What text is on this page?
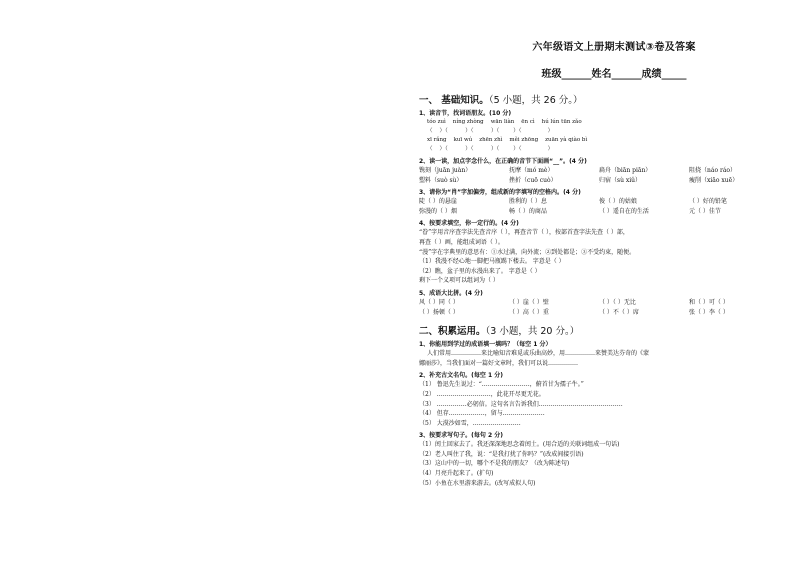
六年级语文上册期末测试③卷及答案
班级______姓名______成绩_____
一、 基础知识。（5 小题，共 26 分。）
1、读音节，找词语朋友。(10 分)
tóo zuì    níng zhòng    wān liàn    ēn cì    hú lún tūn zǎo
（    ）（          ）（          ）（        ）（               ）
xī rǎng    kuī wú    zhēn zhì    měi zhōng    zuān yà qiào bì
（    ）（          ）（          ）（        ）（               ）
2、读一读，加点字念什么，在正确的音节下面画“__”。(4 分)
镌刻（juān juàn）	抚摩（mó mè）	扁舟（biān piān）	阻挠（náo ráo）
塑料（suò sù）	挫折（cuō cuò）	归宿（sù xiǔ）	瘦削（xiāo xuē）
3、请你为“肖”字加偏旁，组成新的字填写的空格内。(4 分)
陡（ ）的悬崖	胜利的（ ）息	俊（ ）的姑娘	（ ）好的铅笔
弥漫的（ ）烟	畅（ ）的商品	（ ）遥自在的生活	元（ ）佳节
4、按要求填空，你一定行的。(4 分)
“眷”字用音序查字法先查音序（ ），再查音节（ ），按部首查字法先查（ ）部，
再查（ ）画，能组成词语（ ）。
“漫”字在字典里的意思有：①水过满，向外流；②到处都是；③不受约束，随便。
（1）我漫不经心地一脚把马瓶踢下楼去。 字意是（ ）
（2）瞧，盆子里的水漫出来了。 字意是（ ）
剩下一个义项可以组词为（ ）
5、成语大比拼。(4 分)
风（ ）同（ ）	（ ）崖（ ）壁	（ ）（ ）无比	和（ ）可（ ）
（ ）扬顿（ ）	（ ）高（ ）重	（ ）不（ ）席	张（ ）李（ ）
二、积累运用。（3 小题，共 20 分。）
1、你能用到学过的成语填一填吗？（每空 1 分）
人们常用……………来比喻知音难觅或乐曲高妙，用……………来赞美达芬奇的《蒙
娜丽莎》，当我们面对一篇好文章时，我们可以说……………
2、补充古文名句。(每空 1 分)
（1） 鲁迅先生说过：“……………………，俯首甘为孺子牛。”
（2） ………………………，此花开尽更无花。
（3） ……………必躬信。这句名言告诉我们……………………………………
（4） 但存………………，留与…………………
（5） 大漠沙如雪，……………………
3、按要求写句子。(每句 2 分)
（1）闰土回家去了。我还深深地思念着闰土。(用合适的关联词组成一句话)
（2）老人叫住了我，说：“是我打扰了你吗？”(改成间接引语)
（3）这山中的一切，哪个不是我的朋友？（改为陈述句)
（4）月亮升起来了。(扩句)
（5）小鱼在水里游来游去。(改写成拟人句)
